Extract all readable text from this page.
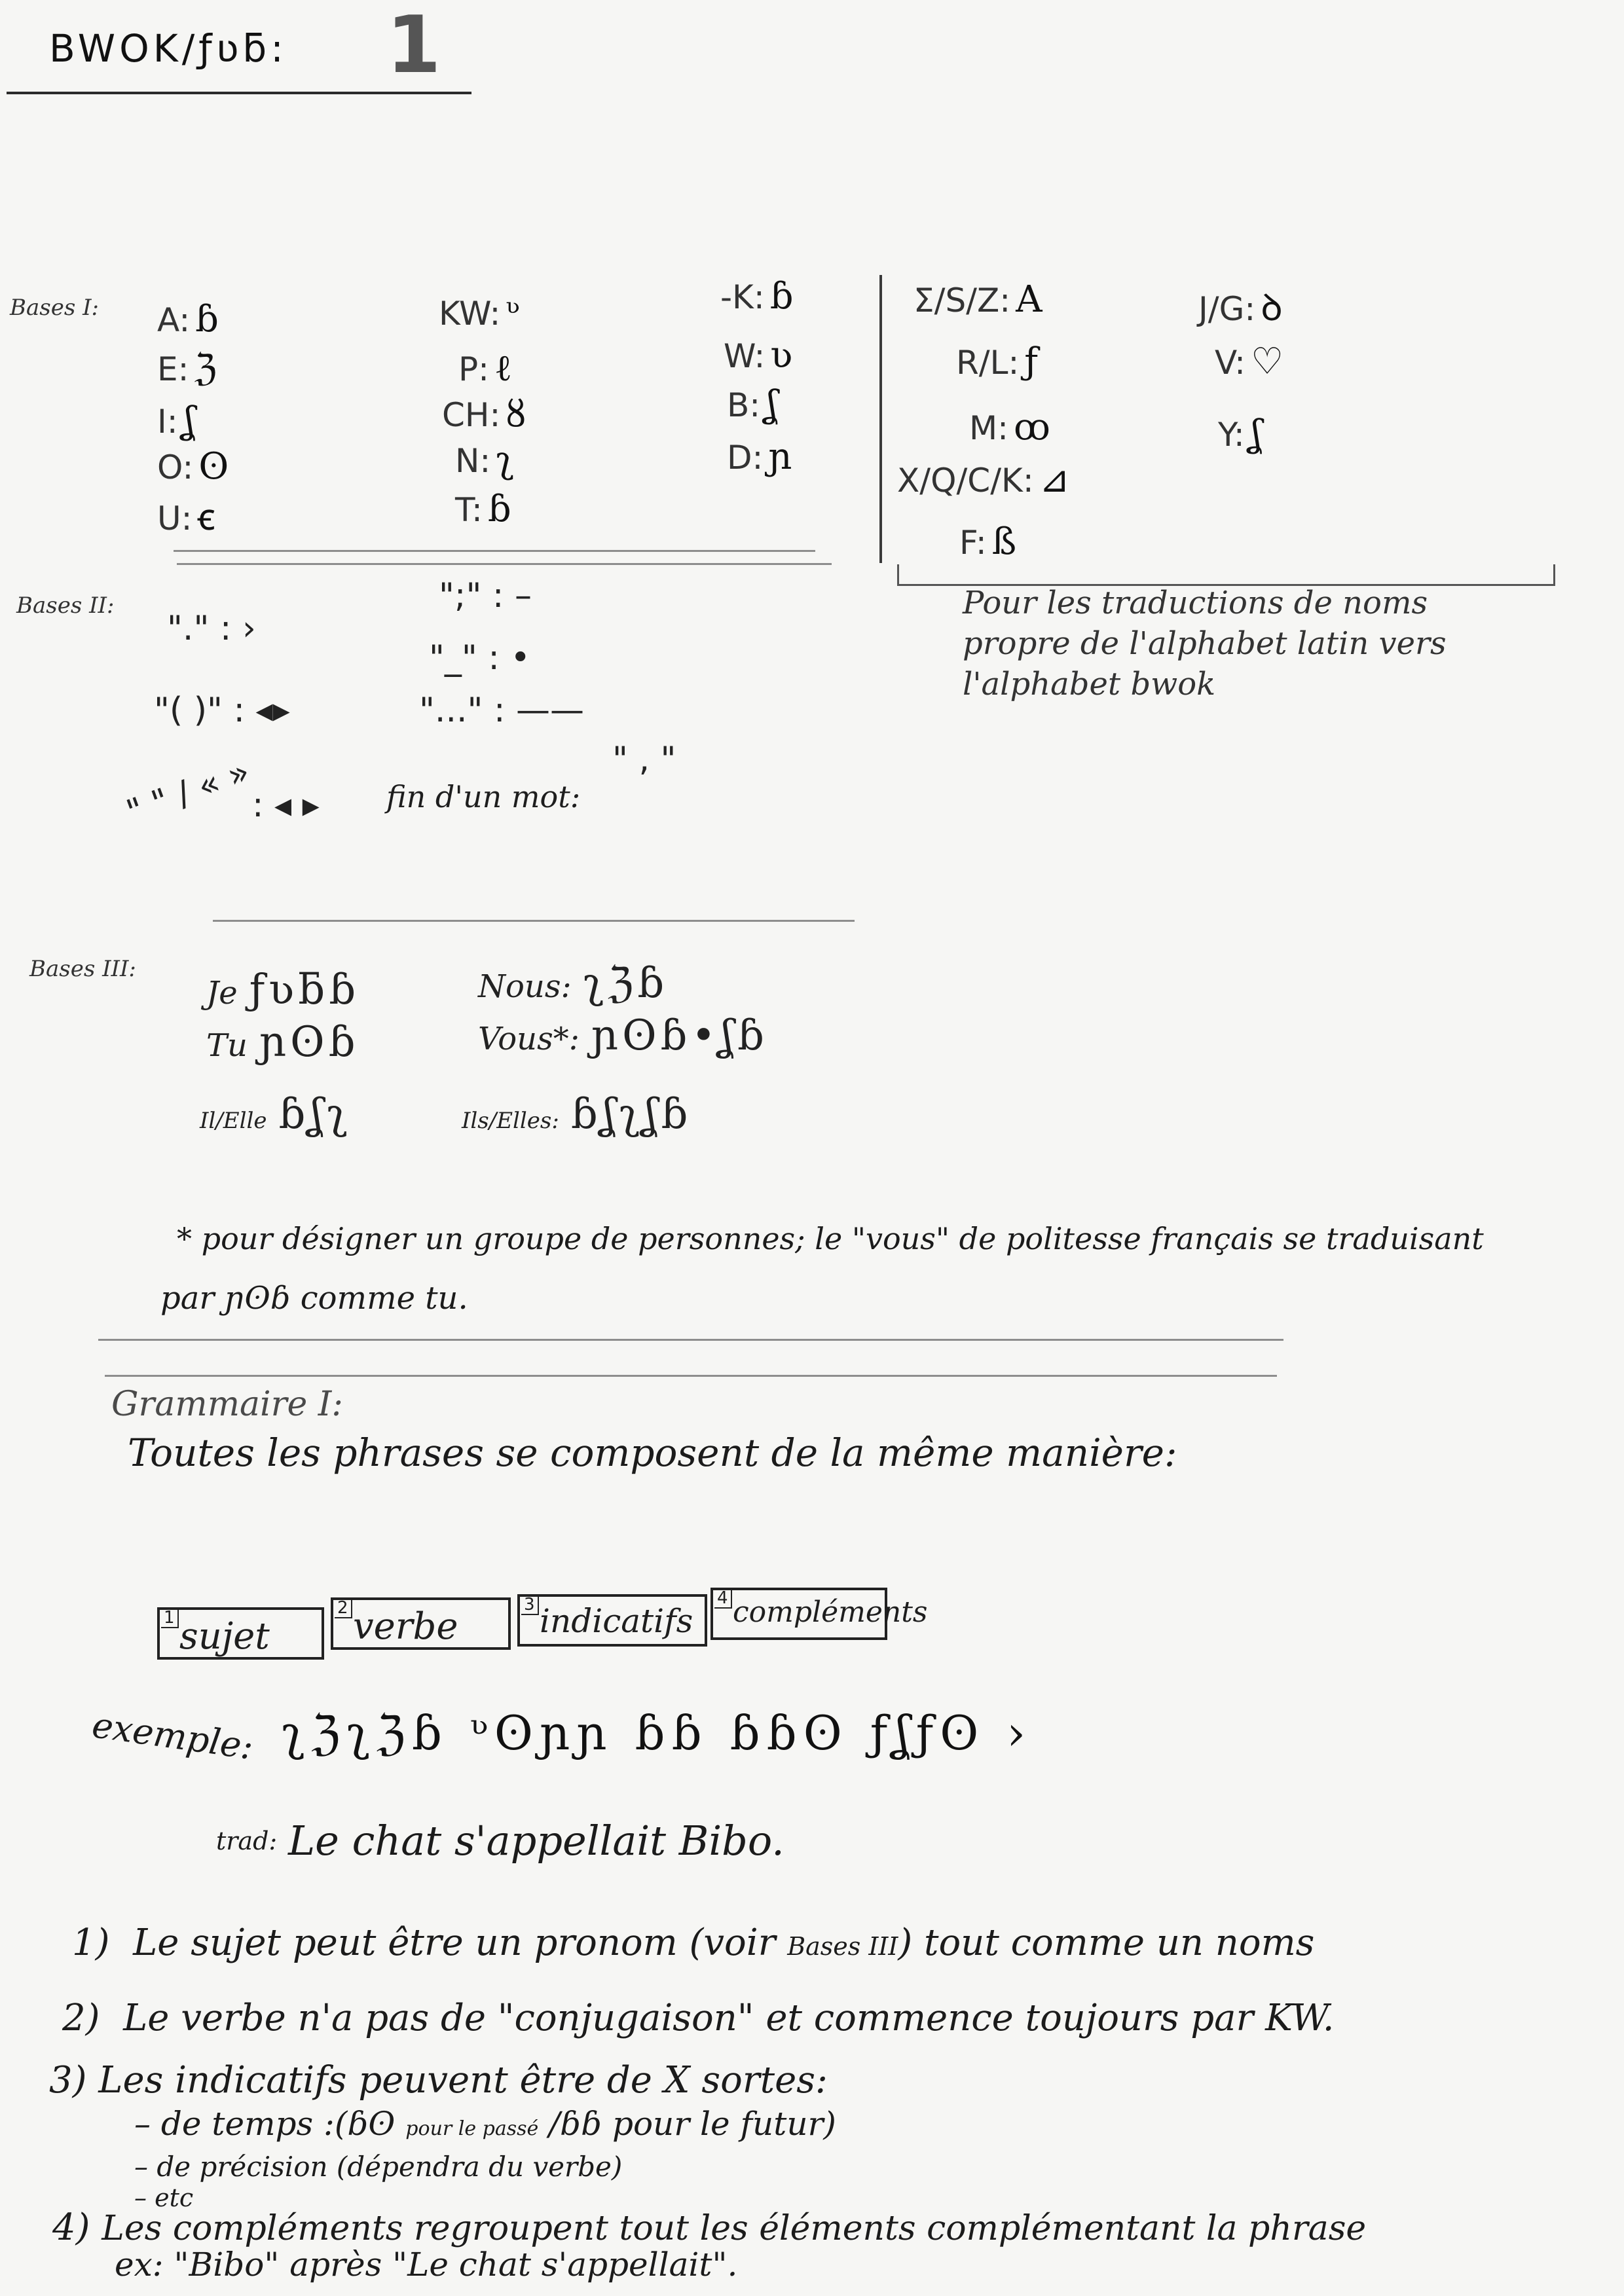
BWOK/ƒʋƃ: 1
Bases I: A: ɓ
E: ℨ
I: ʆ
O: ʘ
U: ꞓ
KW: ᶹ
P: ℓ
CH: ȣ
N: ʅ
T: ɓ
-K: ɓ
W: ʋ
B: ʆ
D: ɲ
Ʃ/S/Z: A
R/L: ƒ
M: ꝏ
X/Q/C/K: ⊿
F: ß
J/G: ꝺ
V: ♡
Y: ʆ
Pour les traductions de noms propre de l'alphabet latin vers l'alphabet bwok
Bases II:
"." : ›
"( )" : ◂▸
";" : –
"_" : •
"..." : ——
" " / « »
: ◂ ▸ fin d'un mot:
" , "
Bases III:
Je ƒʋƃɓ
Tu ɲʘɓ
Il/Elle ɓʆʅ
Nous: ʅℨɓ
Vous*: ɲʘɓ•ʆɓ
Ils/Elles: ɓʆʅʆɓ
* pour désigner un groupe de personnes; le "vous" de politesse français se traduisant
par ɲʘɓ comme tu.
Grammaire I:
Toutes les phrases se composent de la même manière:
1 sujet
2 verbe
3 indicatifs
4 compléments
exemple: ʅℨʅℨɓ ᶹʘɲɲ ɓɓ ɓɓʘ ƒʆƒʘ ›
trad: Le chat s'appellait Bibo.
1) Le sujet peut être un pronom (voir Bases III) tout comme un noms
2) Le verbe n'a pas de "conjugaison" et commence toujours par KW.
3) Les indicatifs peuvent être de X sortes:
– de temps :(ɓʘ pour le passé /ɓɓ pour le futur)
– de précision (dépendra du verbe)
– etc
4) Les compléments regroupent tout les éléments complémentant la phrase
ex: "Bibo" après "Le chat s'appellait".
